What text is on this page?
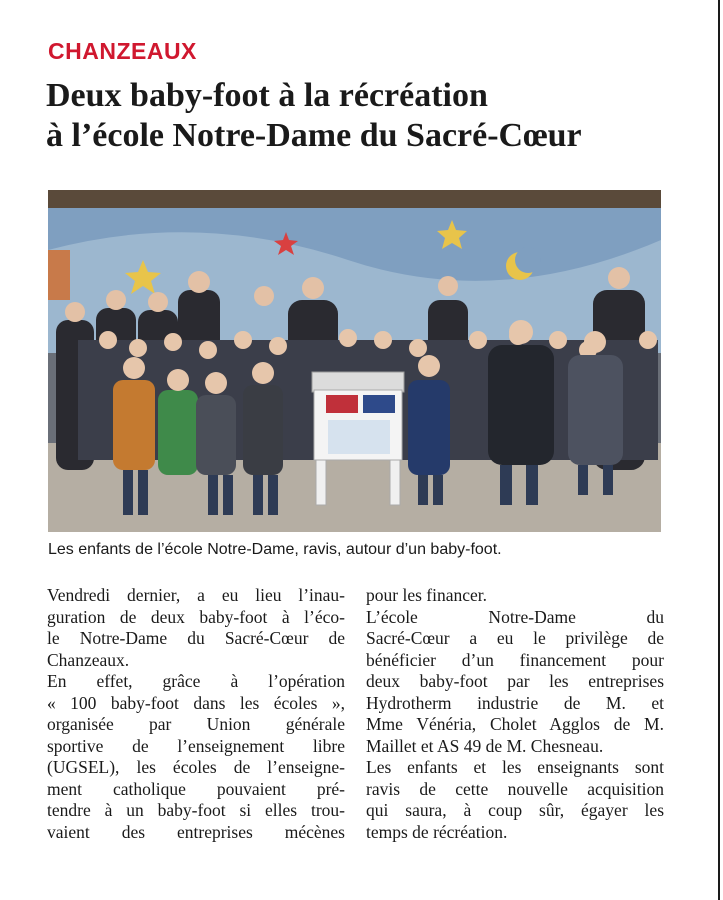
CHANZEAUX
Deux baby-foot à la récréation
à l’école Notre-Dame du Sacré-Cœur
Les enfants de l’école Notre-Dame, ravis, autour d’un baby-foot.

Vendredi dernier, a eu lieu l’inau-

guration de deux baby-foot à l’éco-

le Notre-Dame du Sacré-Cœur de

Chanzeaux.

En effet, grâce à l’opération

« 100 baby-foot dans les écoles »,

organisée par Union générale

sportive de l’enseignement libre

(UGSEL), les écoles de l’enseigne-

ment catholique pouvaient pré-

tendre à un baby-foot si elles trou-

vaient des entreprises mécènes

pour les financer.

L’école Notre-Dame du

Sacré-Cœur a eu le privilège de

bénéficier d’un financement pour

deux baby-foot par les entreprises

Hydrotherm industrie de M. et

Mme Vénéria, Cholet Agglos de M.

Maillet et AS 49 de M. Chesneau.

Les enfants et les enseignants sont

ravis de cette nouvelle acquisition

qui saura, à coup sûr, égayer les

temps de récréation.
